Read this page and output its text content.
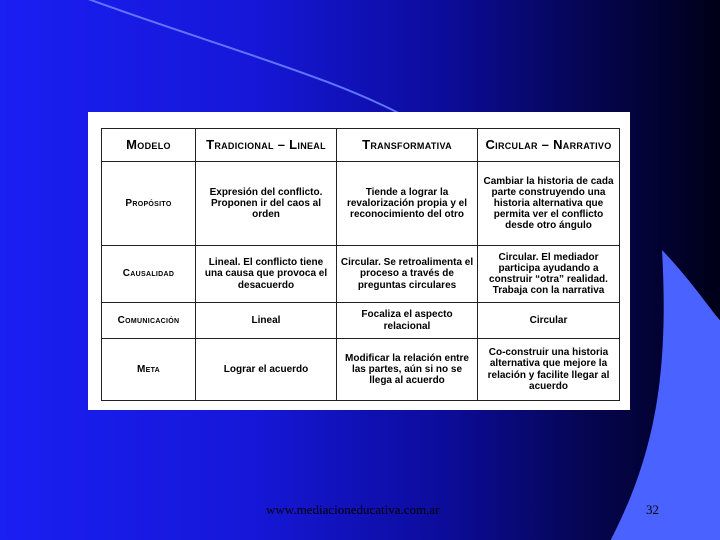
Modelo	Tradicional – Lineal	Transformativa	Circular – Narrativo
Propósito	Expresión del conflicto. Proponen ir del caos al orden	Tiende a lograr la revalorización propia y el reconocimiento del otro	Cambiar la historia de cada parte construyendo una historia alternativa que permita ver el conflicto desde otro ángulo
Causalidad	Lineal. El conflicto tiene una causa que provoca el desacuerdo	Circular. Se retroalimenta el proceso a través de preguntas circulares	Circular. El mediador participa ayudando a construir “otra” realidad. Trabaja con la narrativa
Comunicación	Lineal	Focaliza el aspecto relacional	Circular
Meta	Lograr el acuerdo	Modificar la relación entre las partes, aún si no se llega al acuerdo	Co-construir una historia alternativa que mejore la relación y facilite llegar al acuerdo
www.mediacioneducativa.com.ar	32
